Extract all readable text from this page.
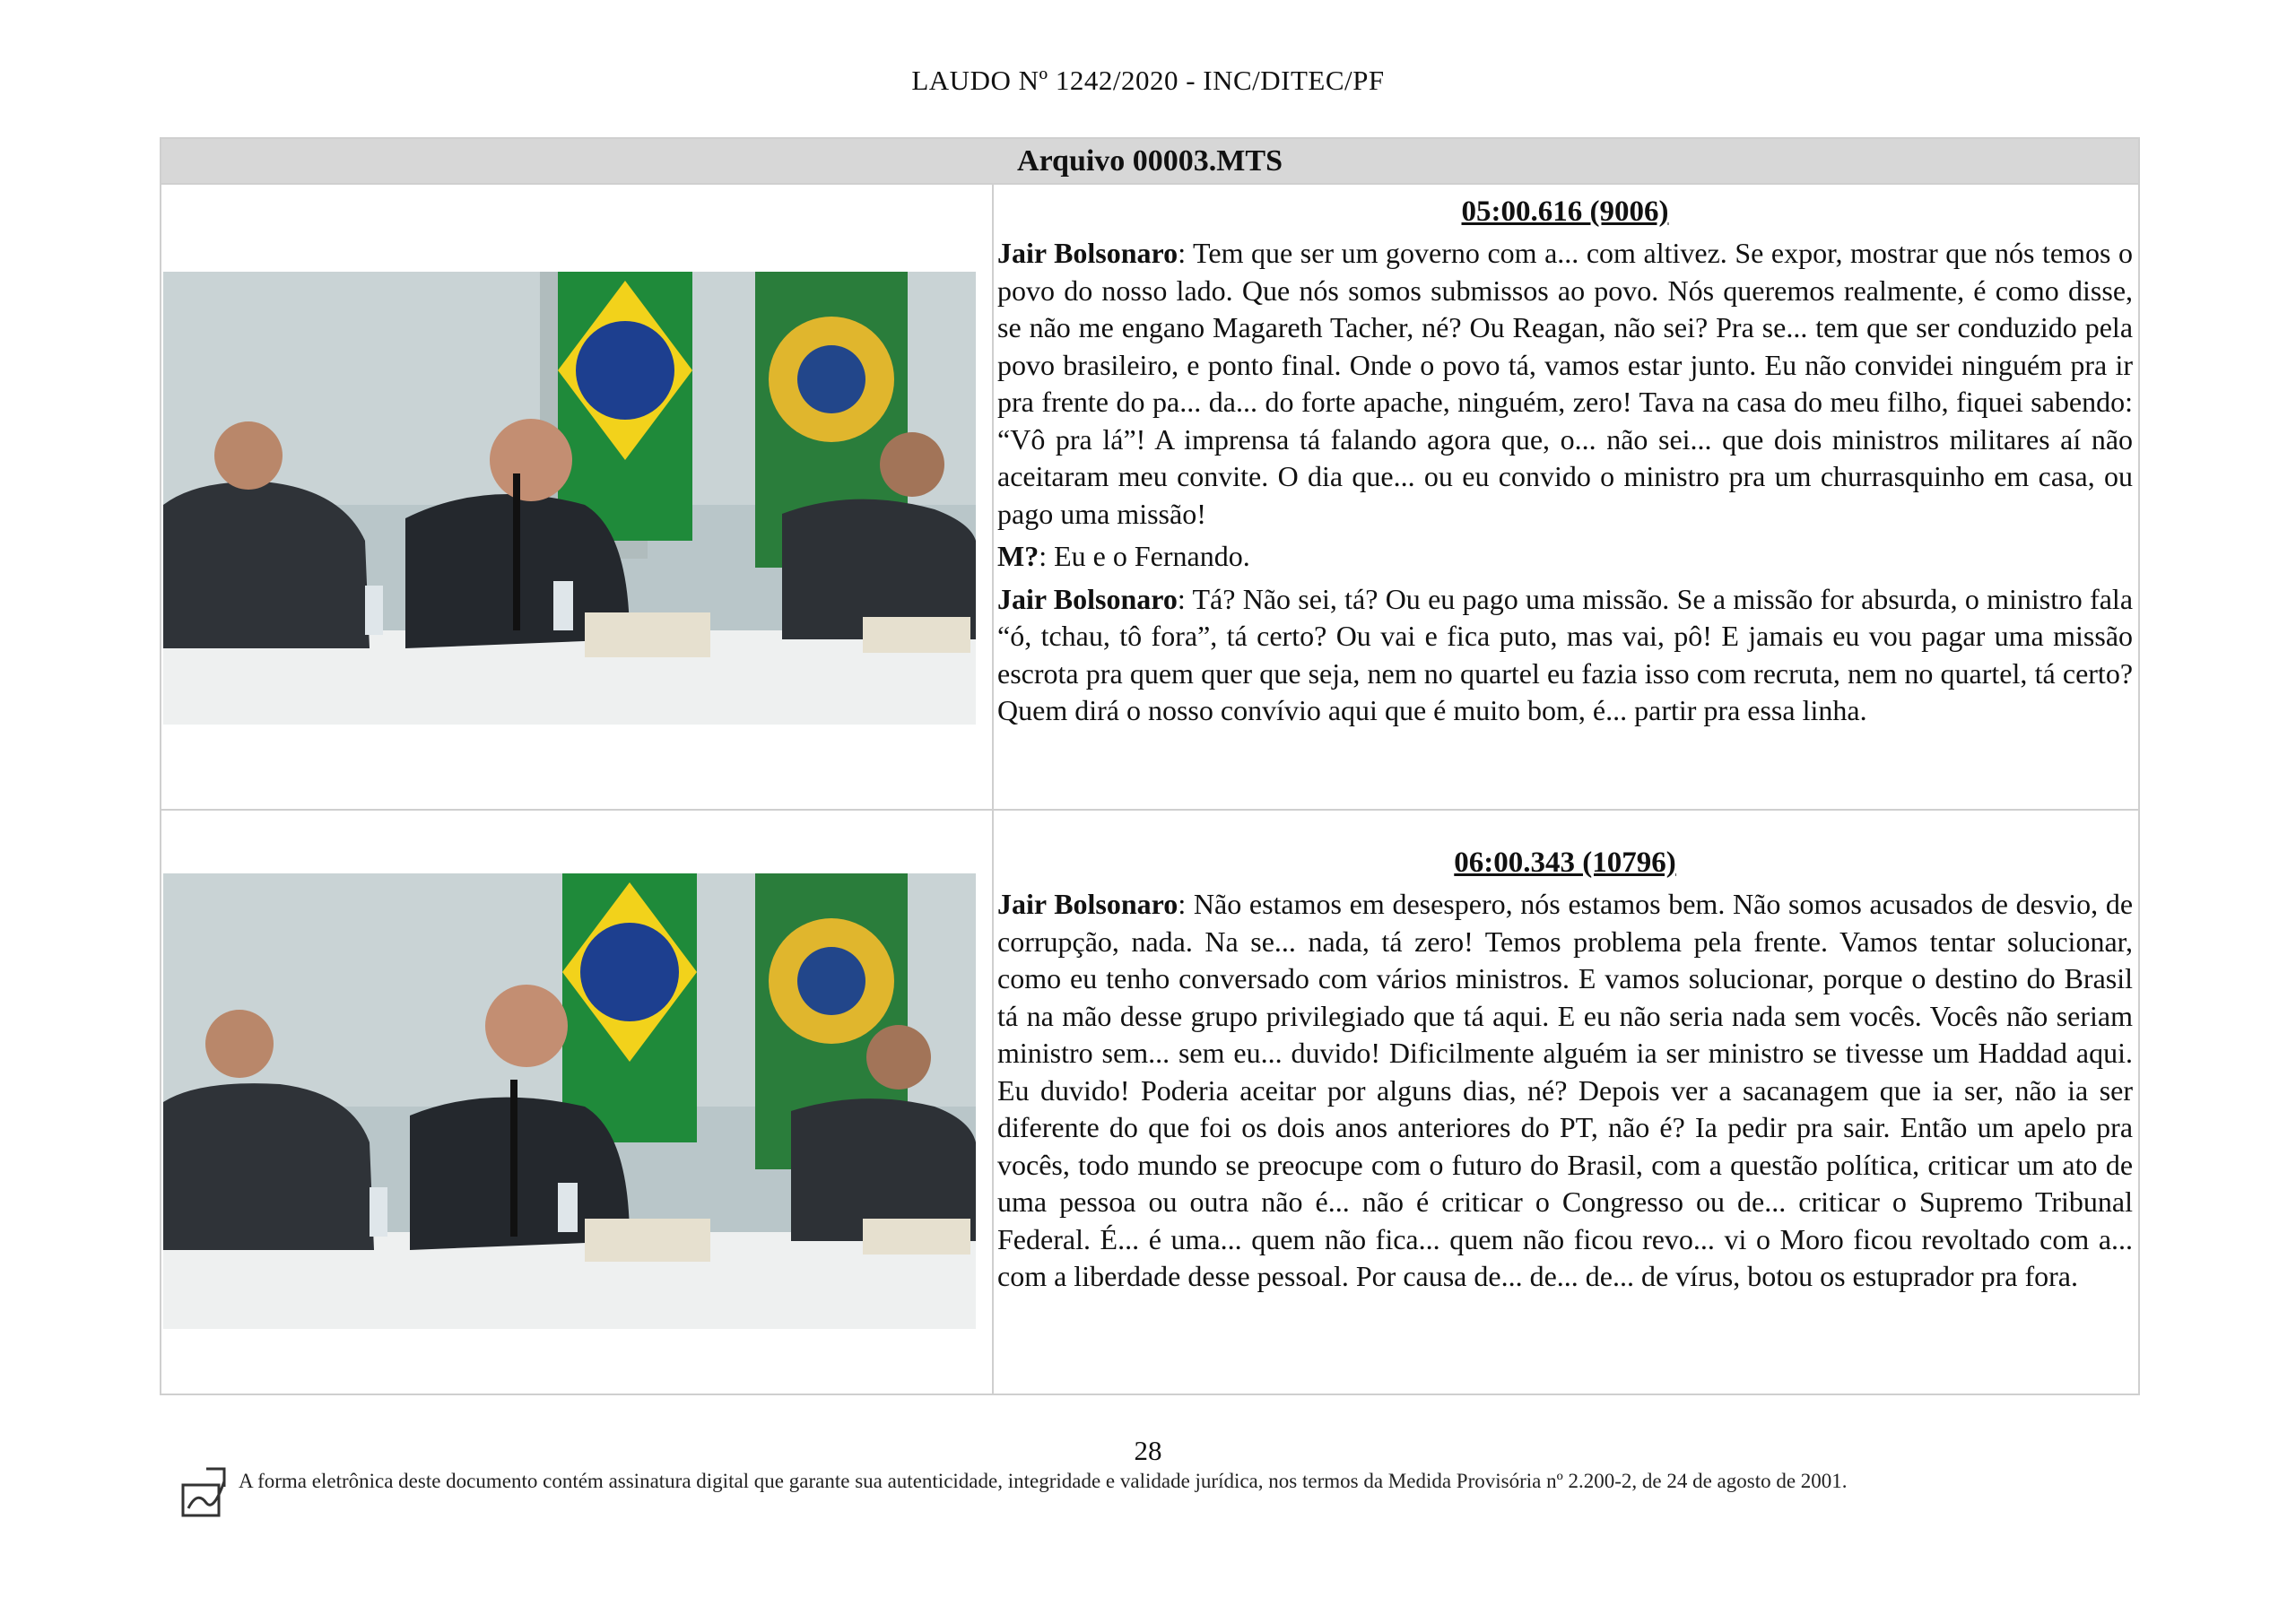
LAUDO Nº 1242/2020 - INC/DITEC/PF
Arquivo 00003.MTS	

05:00.616 (9006)

Jair Bolsonaro: Tem que ser um governo com a... com altivez. Se expor, mostrar que nós temos o povo do nosso lado. Que nós somos submissos ao povo. Nós queremos realmente, é como disse, se não me engano Magareth Tacher, né? Ou Reagan, não sei? Pra se... tem que ser conduzido pela povo brasileiro, e ponto final. Onde o povo tá, vamos estar junto. Eu não convidei ninguém pra ir pra frente do pa... da... do forte apache, ninguém, zero! Tava na casa do meu filho, fiquei sabendo: “Vô pra lá”! A imprensa tá falando agora que, o... não sei... que dois ministros militares aí não aceitaram meu convite. O dia que... ou eu convido o ministro pra um churrasquinho em casa, ou pago uma missão!

M?: Eu e o Fernando.

Jair Bolsonaro: Tá? Não sei, tá? Ou eu pago uma missão. Se a missão for absurda, o ministro fala “ó, tchau, tô fora”, tá certo? Ou vai e fica puto, mas vai, pô! E jamais eu vou pagar uma missão escrota pra quem quer que seja, nem no quartel eu fazia isso com recruta, nem no quartel, tá certo? Quem dirá o nosso convívio aqui que é muito bom, é... partir pra essa linha.

06:00.343 (10796)

Jair Bolsonaro: Não estamos em desespero, nós estamos bem. Não somos acusados de desvio, de corrupção, nada. Na se... nada, tá zero! Temos problema pela frente. Vamos tentar solucionar, como eu tenho conversado com vários ministros. E vamos solucionar, porque o destino do Brasil tá na mão desse grupo privilegiado que tá aqui. E eu não seria nada sem vocês. Vocês não seriam ministro sem... sem eu... duvido! Dificilmente alguém ia ser ministro se tivesse um Haddad aqui. Eu duvido! Poderia aceitar por alguns dias, né? Depois ver a sacanagem que ia ser, não ia ser diferente do que foi os dois anos anteriores do PT, não é? Ia pedir pra sair. Então um apelo pra vocês, todo mundo se preocupe com o futuro do Brasil, com a questão política, criticar um ato de uma pessoa ou outra não é... não é criticar o Congresso ou de... criticar o Supremo Tribunal Federal. É... é uma... quem não fica... quem não ficou revo... vi o Moro ficou revoltado com a... com a liberdade desse pessoal. Por causa de... de... de... de vírus, botou os estuprador pra fora.

28
A forma eletrônica deste documento contém assinatura digital que garante sua autenticidade, integridade e validade jurídica, nos termos da Medida Provisória nº 2.200-2, de 24 de agosto de 2001.
